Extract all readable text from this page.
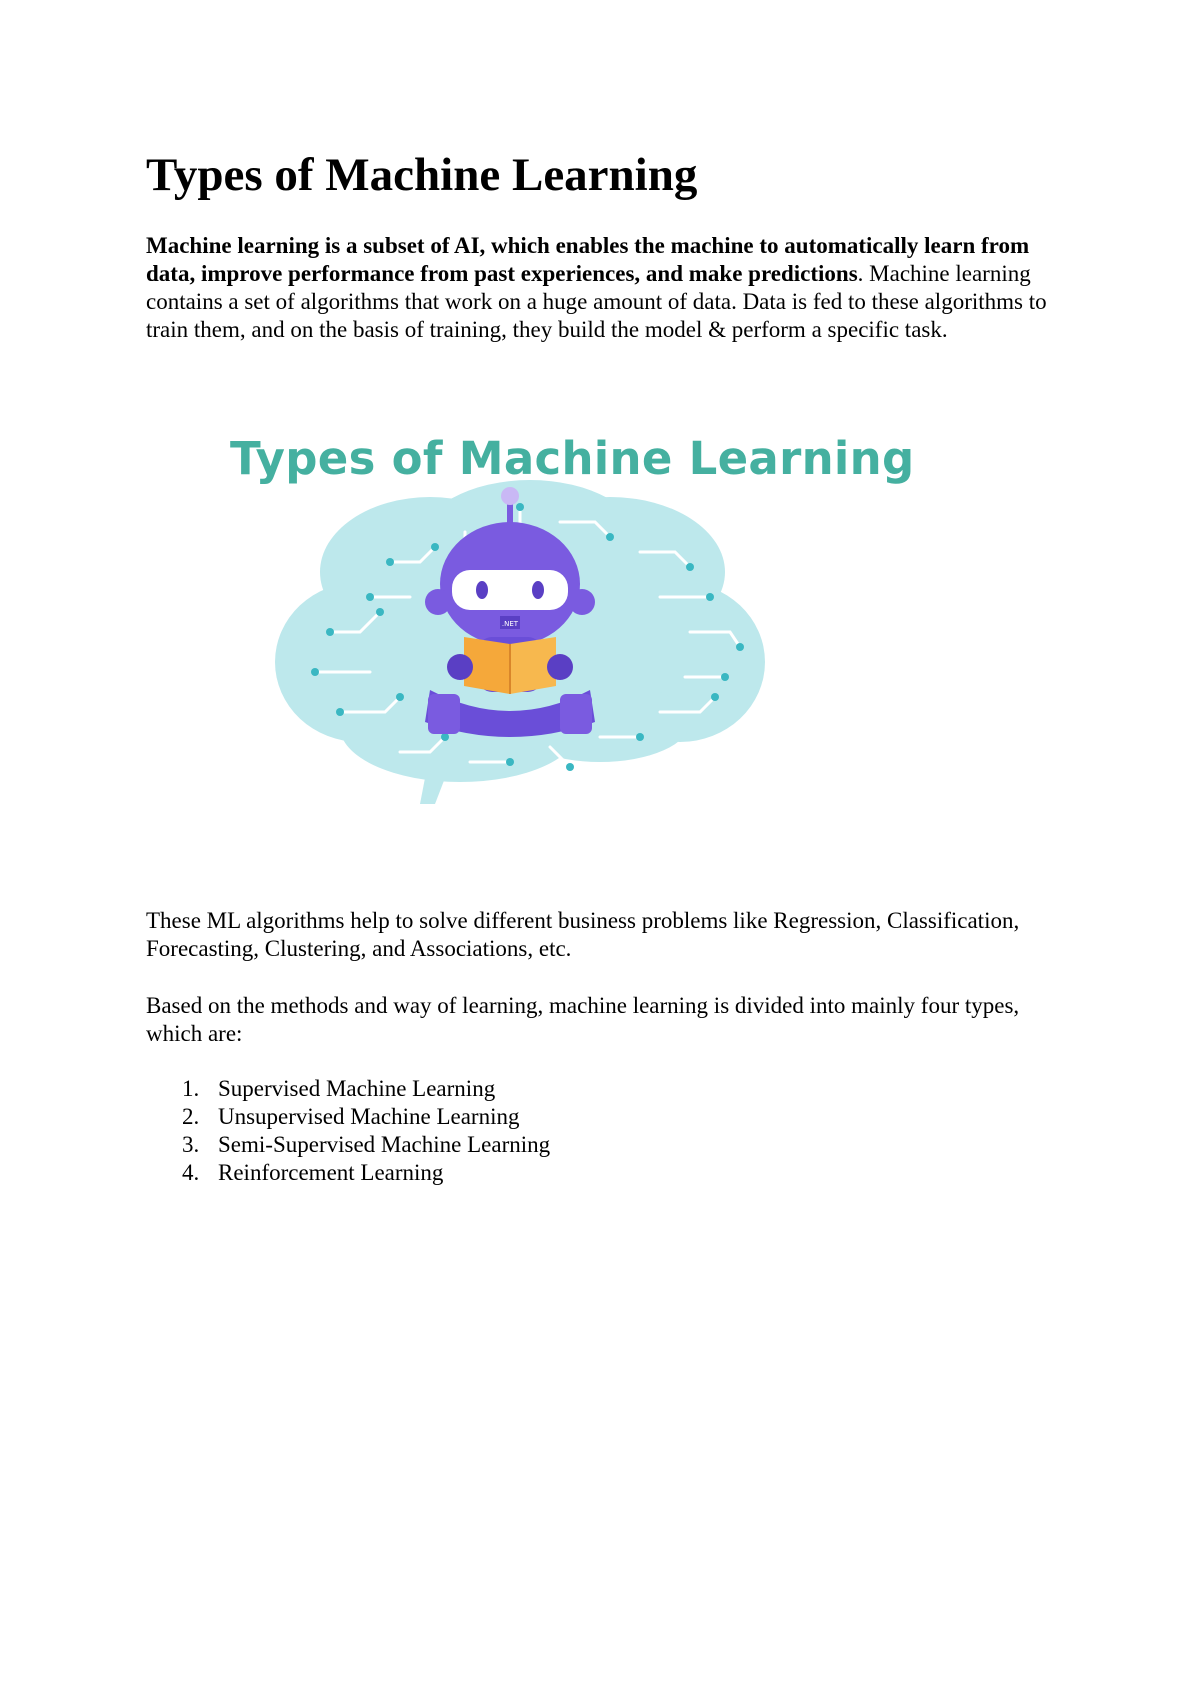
Types of Machine Learning

Machine learning is a subset of AI, which enables the machine to automatically learn from data, improve performance from past experiences, and make predictions. Machine learning contains a set of algorithms that work on a huge amount of data. Data is fed to these algorithms to train them, and on the basis of training, they build the model & perform a specific task.

Types of Machine Learning
.NET

These ML algorithms help to solve different business problems like Regression, Classification, Forecasting, Clustering, and Associations, etc.

Based on the methods and way of learning, machine learning is divided into mainly four types, which are:

1. Supervised Machine Learning
2. Unsupervised Machine Learning
3. Semi-Supervised Machine Learning
4. Reinforcement Learning
